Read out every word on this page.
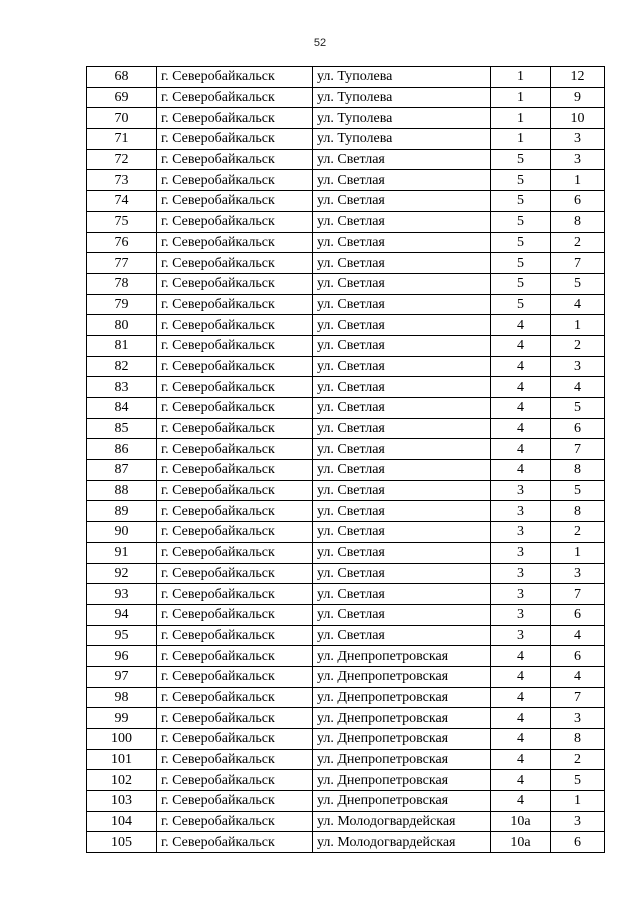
52
68	г. Северобайкальск	ул. Туполева	1	12
69	г. Северобайкальск	ул. Туполева	1	9
70	г. Северобайкальск	ул. Туполева	1	10
71	г. Северобайкальск	ул. Туполева	1	3
72	г. Северобайкальск	ул. Светлая	5	3
73	г. Северобайкальск	ул. Светлая	5	1
74	г. Северобайкальск	ул. Светлая	5	6
75	г. Северобайкальск	ул. Светлая	5	8
76	г. Северобайкальск	ул. Светлая	5	2
77	г. Северобайкальск	ул. Светлая	5	7
78	г. Северобайкальск	ул. Светлая	5	5
79	г. Северобайкальск	ул. Светлая	5	4
80	г. Северобайкальск	ул. Светлая	4	1
81	г. Северобайкальск	ул. Светлая	4	2
82	г. Северобайкальск	ул. Светлая	4	3
83	г. Северобайкальск	ул. Светлая	4	4
84	г. Северобайкальск	ул. Светлая	4	5
85	г. Северобайкальск	ул. Светлая	4	6
86	г. Северобайкальск	ул. Светлая	4	7
87	г. Северобайкальск	ул. Светлая	4	8
88	г. Северобайкальск	ул. Светлая	3	5
89	г. Северобайкальск	ул. Светлая	3	8
90	г. Северобайкальск	ул. Светлая	3	2
91	г. Северобайкальск	ул. Светлая	3	1
92	г. Северобайкальск	ул. Светлая	3	3
93	г. Северобайкальск	ул. Светлая	3	7
94	г. Северобайкальск	ул. Светлая	3	6
95	г. Северобайкальск	ул. Светлая	3	4
96	г. Северобайкальск	ул. Днепропетровская	4	6
97	г. Северобайкальск	ул. Днепропетровская	4	4
98	г. Северобайкальск	ул. Днепропетровская	4	7
99	г. Северобайкальск	ул. Днепропетровская	4	3
100	г. Северобайкальск	ул. Днепропетровская	4	8
101	г. Северобайкальск	ул. Днепропетровская	4	2
102	г. Северобайкальск	ул. Днепропетровская	4	5
103	г. Северобайкальск	ул. Днепропетровская	4	1
104	г. Северобайкальск	ул. Молодогвардейская	10а	3
105	г. Северобайкальск	ул. Молодогвардейская	10а	6
